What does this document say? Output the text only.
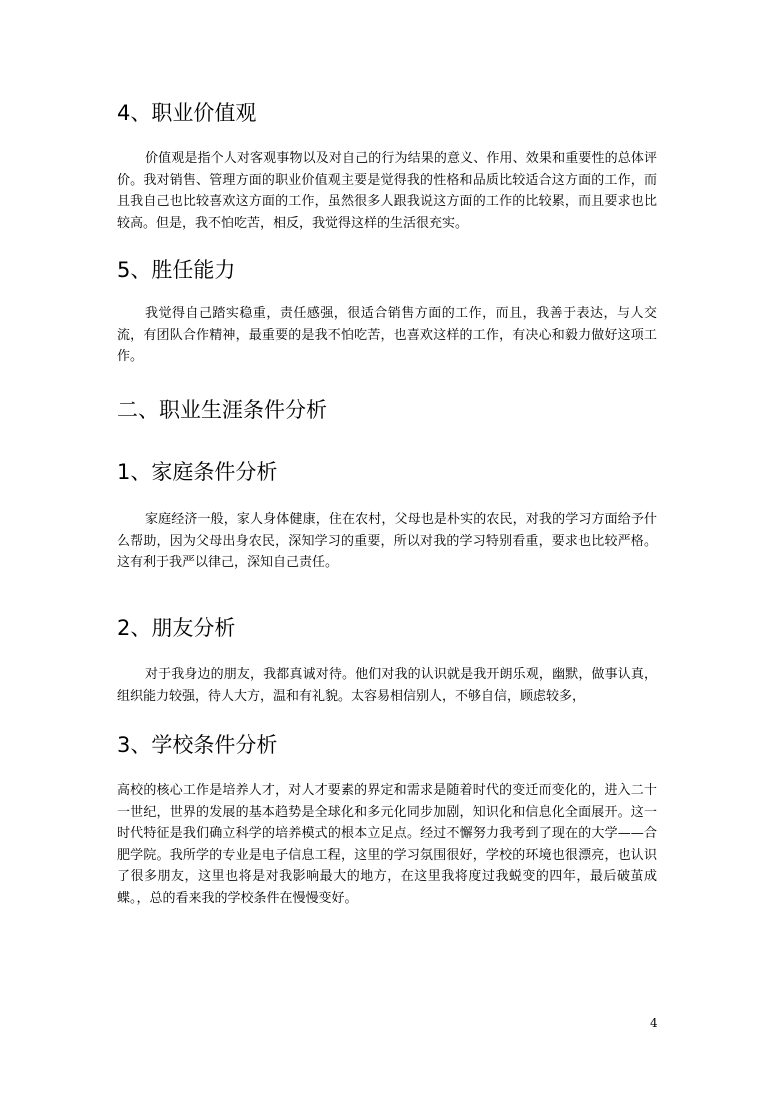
4、职业价值观

价值观是指个人对客观事物以及对自己的行为结果的意义、作用、效果和重要性的总体评价。我对销售、管理方面的职业价值观主要是觉得我的性格和品质比较适合这方面的工作，而且我自己也比较喜欢这方面的工作，虽然很多人跟我说这方面的工作的比较累，而且要求也比较高。但是，我不怕吃苦，相反，我觉得这样的生活很充实。

5、胜任能力

我觉得自己踏实稳重，责任感强，很适合销售方面的工作，而且，我善于表达，与人交流，有团队合作精神，最重要的是我不怕吃苦，也喜欢这样的工作，有决心和毅力做好这项工作。

二、职业生涯条件分析
1、家庭条件分析

家庭经济一般，家人身体健康，住在农村，父母也是朴实的农民，对我的学习方面给予什么帮助，因为父母出身农民，深知学习的重要，所以对我的学习特别看重，要求也比较严格。这有利于我严以律己，深知自己责任。

2、朋友分析

对于我身边的朋友，我都真诚对待。他们对我的认识就是我开朗乐观，幽默，做事认真，组织能力较强，待人大方，温和有礼貌。太容易相信别人，不够自信，顾虑较多，

3、学校条件分析

高校的核心工作是培养人才，对人才要素的界定和需求是随着时代的变迁而变化的，进入二十一世纪，世界的发展的基本趋势是全球化和多元化同步加剧，知识化和信息化全面展开。这一时代特征是我们确立科学的培养模式的根本立足点。经过不懈努力我考到了现在的大学——合肥学院。我所学的专业是电子信息工程，这里的学习氛围很好，学校的环境也很漂亮，也认识了很多朋友，这里也将是对我影响最大的地方，在这里我将度过我蜕变的四年，最后破茧成蝶。，总的看来我的学校条件在慢慢变好。

4
